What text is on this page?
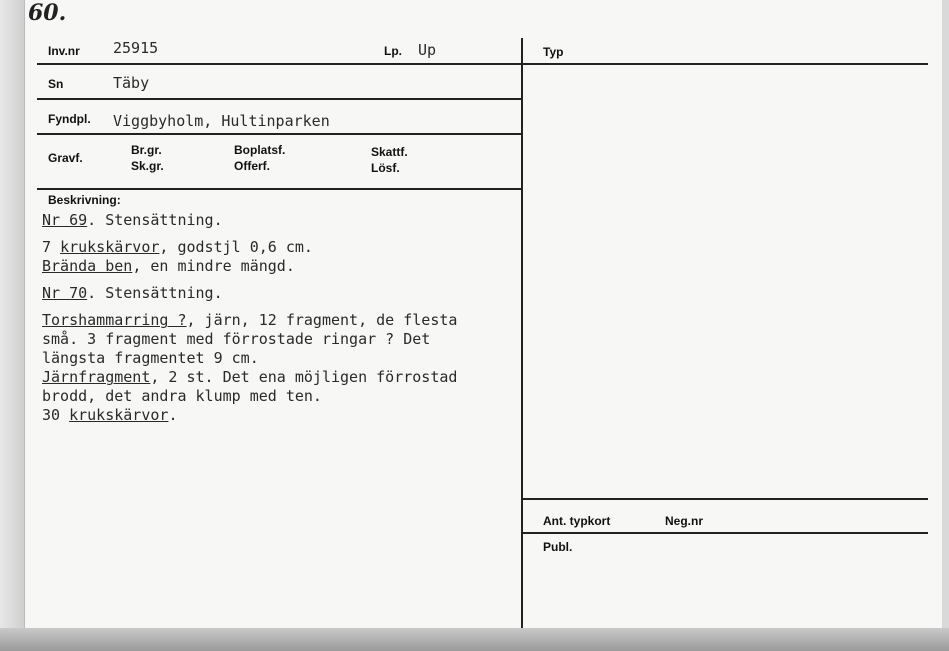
60.
Inv.nr 25915	Lp. Up	Typ
Sn	Täby
Fyndpl. Viggbyholm, Hultinparken
Gravf.
Br.gr.
Sk.gr.
Boplatsf.
Offerf.
Skattf.
Lösf.
Beskrivning:
Nr 69. Stensättning.
7 krukskärvor, godstjl 0,6 cm.
Brända ben, en mindre mängd.
Nr 70. Stensättning.
Torshammarring ?, järn, 12 fragment, de flesta
små. 3 fragment med förrostade ringar ? Det
längsta fragmentet 9 cm.
Järnfragment, 2 st. Det ena möjligen förrostad
brodd, det andra klump med ten.
30 krukskärvor.
Ant. typkort	Neg.nr
Publ.
